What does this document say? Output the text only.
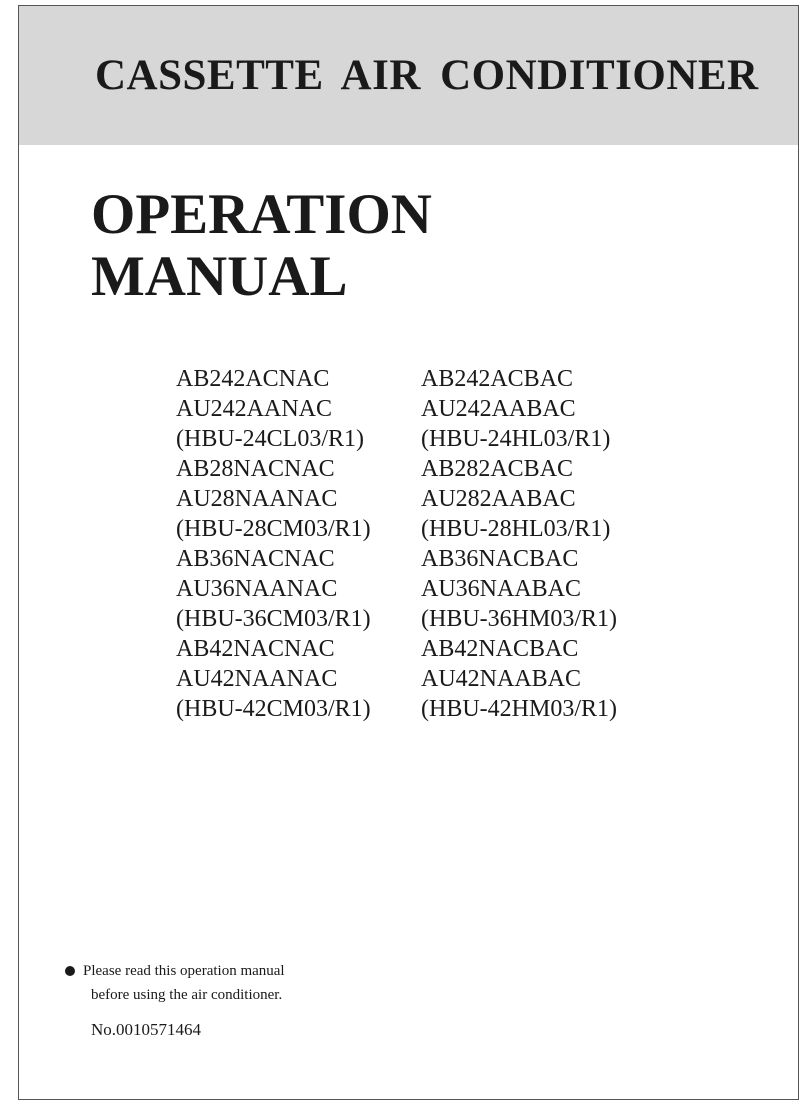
CASSETTE AIR CONDITIONER
OPERATION
MANUAL
AB242ACNAC
AU242AANAC
(HBU-24CL03/R1)
AB28NACNAC
AU28NAANAC
(HBU-28CM03/R1)
AB36NACNAC
AU36NAANAC
(HBU-36CM03/R1)
AB42NACNAC
AU42NAANAC
(HBU-42CM03/R1)
AB242ACBAC
AU242AABAC
(HBU-24HL03/R1)
AB282ACBAC
AU282AABAC
(HBU-28HL03/R1)
AB36NACBAC
AU36NAABAC
(HBU-36HM03/R1)
AB42NACBAC
AU42NAABAC
(HBU-42HM03/R1)
Please read this operation manual
before using the air conditioner.
No.0010571464
